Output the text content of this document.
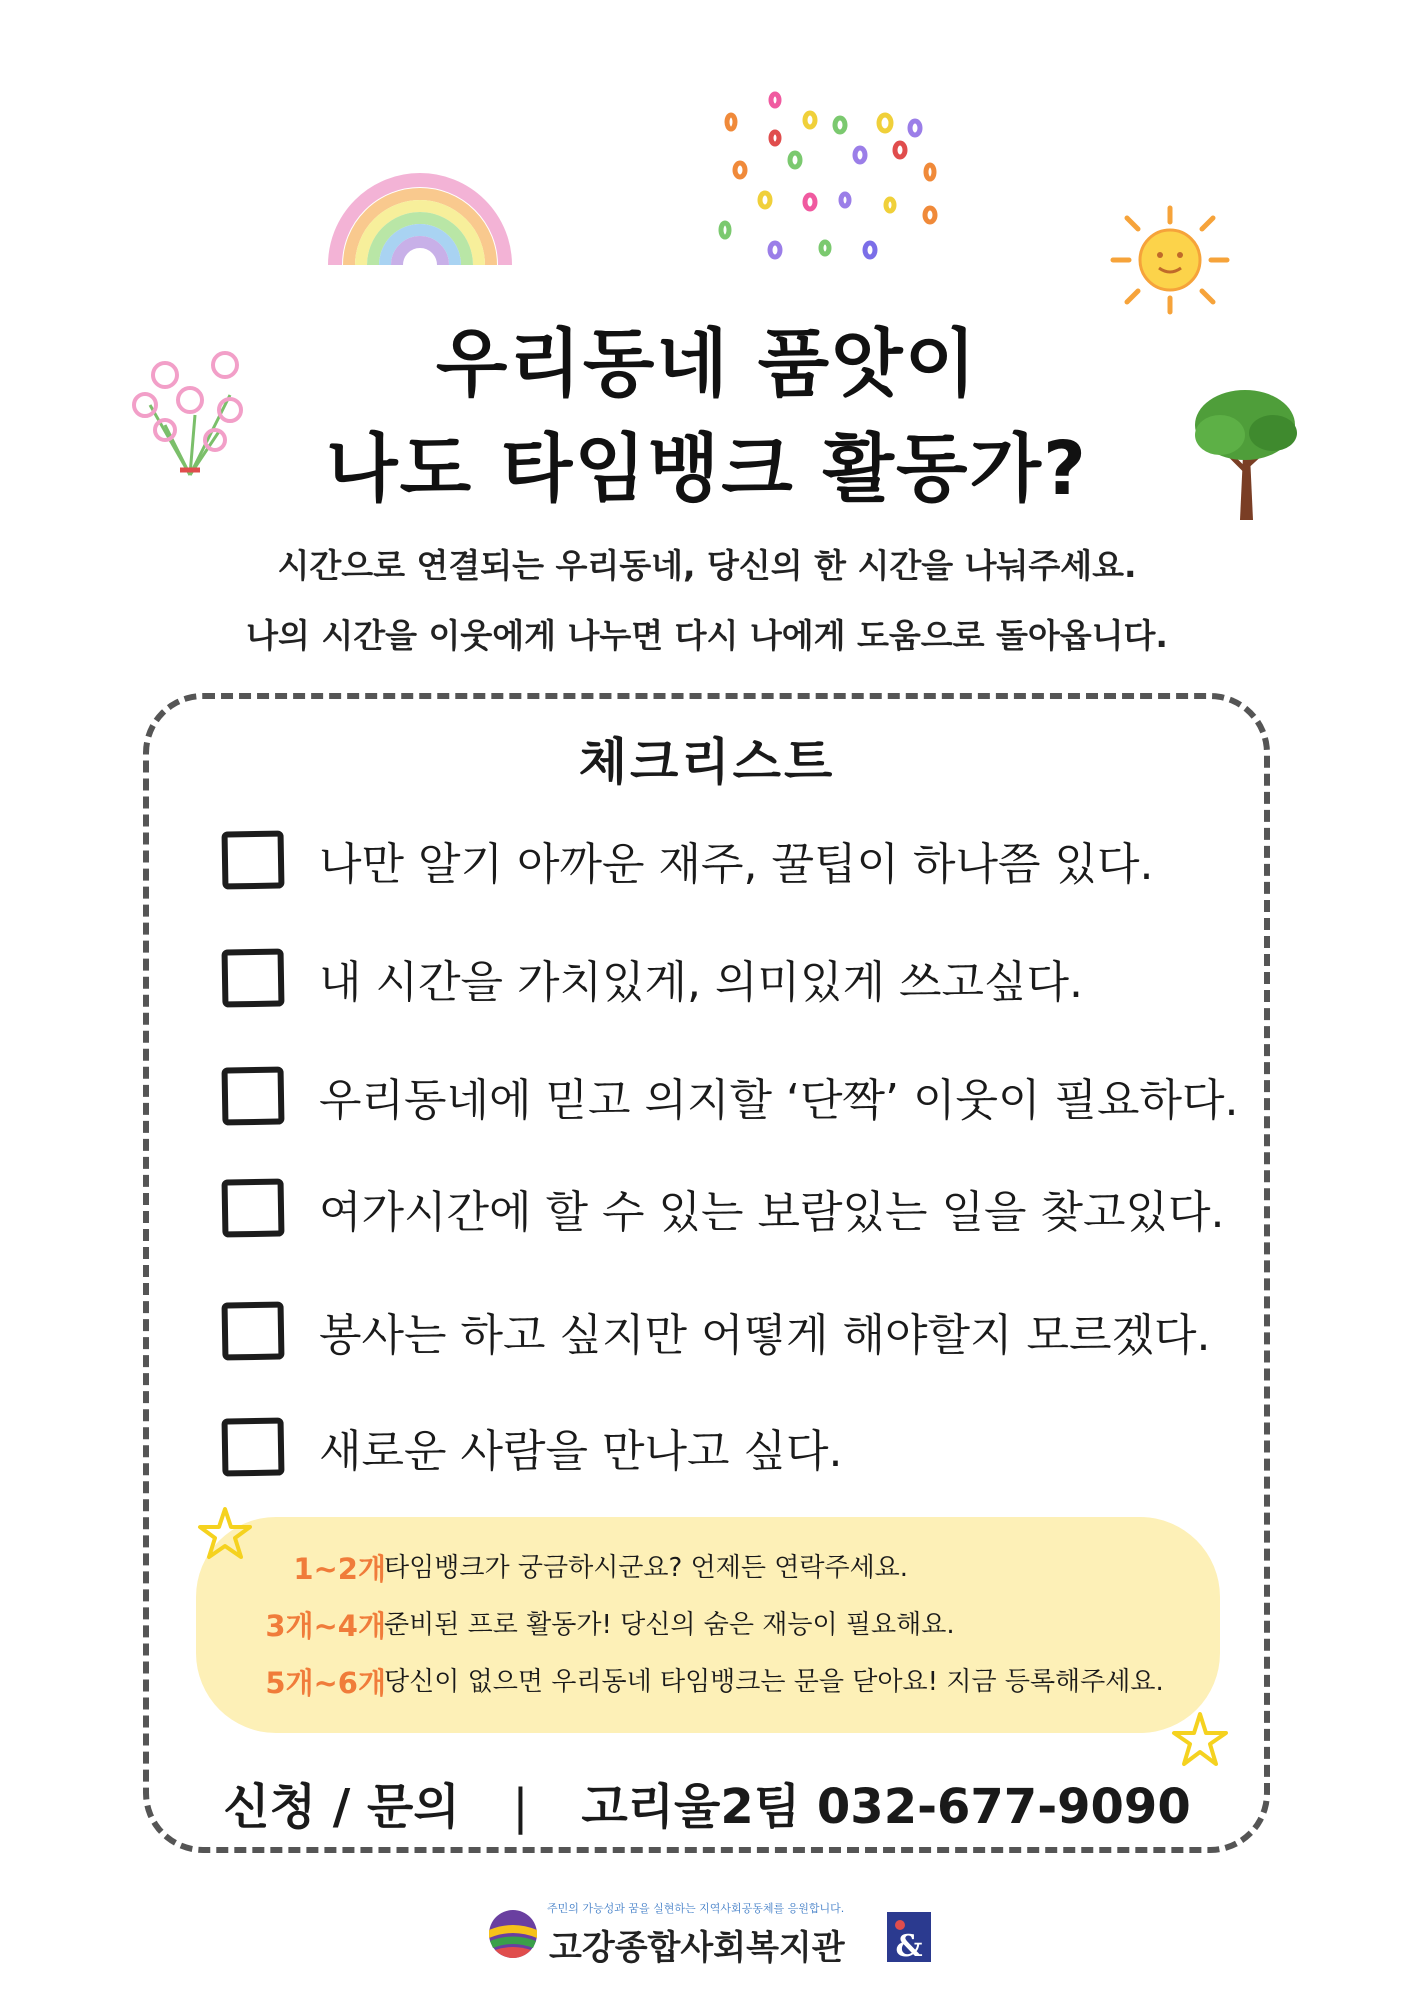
우리동네 품앗이
나도 타임뱅크 활동가?
시간으로 연결되는 우리동네, 당신의 한 시간을 나눠주세요.
나의 시간을 이웃에게 나누면 다시 나에게 도움으로 돌아옵니다.
체크리스트
나만 알기 아까운 재주, 꿀팁이 하나쯤 있다.
내 시간을 가치있게, 의미있게 쓰고싶다.
우리동네에 믿고 의지할 ‘단짝’ 이웃이 필요하다.
여가시간에 할 수 있는 보람있는 일을 찾고있다.
봉사는 하고 싶지만 어떻게 해야할지 모르겠다.
새로운 사람을 만나고 싶다.
1~2개
타임뱅크가 궁금하시군요? 언제든 연락주세요.
3개~4개
준비된 프로 활동가! 당신의 숨은 재능이 필요해요.
5개~6개
당신이 없으면 우리동네 타임뱅크는 문을 닫아요! 지금 등록해주세요.
신청 / 문의 | 고리울2팀 032-677-9090
주민의 가능성과 꿈을 실현하는 지역사회공동체를 응원합니다.
고강종합사회복지관 &
